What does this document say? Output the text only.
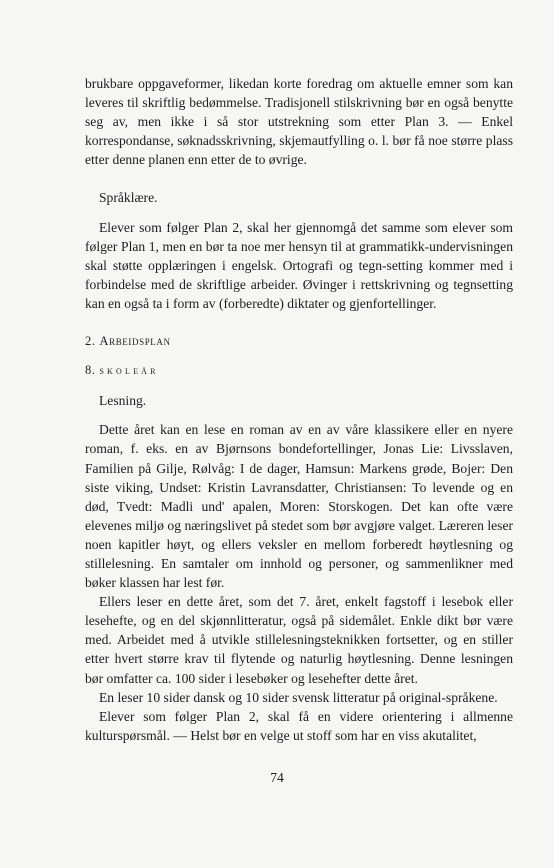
brukbare oppgaveformer, likedan korte foredrag om aktuelle emner som kan leveres til skriftlig bedømmelse. Tradisjonell stilskrivning bør en også benytte seg av, men ikke i så stor utstrekning som etter Plan 3. — Enkel korrespondanse, søknadsskrivning, skjemautfylling o. l. bør få noe større plass etter denne planen enn etter de to øvrige.

Språklære.

Elever som følger Plan 2, skal her gjennomgå det samme som elever som følger Plan 1, men en bør ta noe mer hensyn til at grammatikk-undervisningen skal støtte opplæringen i engelsk. Ortografi og tegn-setting kommer med i forbindelse med de skriftlige arbeider. Øvinger i rettskrivning og tegnsetting kan en også ta i form av (forberedte) diktater og gjenfortellinger.

2. Arbeidsplan

8. skoleår

Lesning.

Dette året kan en lese en roman av en av våre klassikere eller en nyere roman, f. eks. en av Bjørnsons bondefortellinger, Jonas Lie: Livsslaven, Familien på Gilje, Rølvåg: I de dager, Hamsun: Markens grøde, Bojer: Den siste viking, Undset: Kristin Lavransdatter, Christiansen: To levende og en død, Tvedt: Madli und' apalen, Moren: Storskogen. Det kan ofte være elevenes miljø og næringslivet på stedet som bør avgjøre valget. Læreren leser noen kapitler høyt, og ellers veksler en mellom forberedt høytlesning og stillelesning. En samtaler om innhold og personer, og sammenlikner med bøker klassen har lest før.

Ellers leser en dette året, som det 7. året, enkelt fagstoff i lesebok eller lesehefte, og en del skjønnlitteratur, også på sidemålet. Enkle dikt bør være med. Arbeidet med å utvikle stillelesningsteknikken fortsetter, og en stiller etter hvert større krav til flytende og naturlig høytlesning. Denne lesningen bør omfatter ca. 100 sider i lesebøker og lesehefter dette året.

En leser 10 sider dansk og 10 sider svensk litteratur på original-språkene.

Elever som følger Plan 2, skal få en videre orientering i allmenne kulturspørsmål. — Helst bør en velge ut stoff som har en viss akutalitet,

74
